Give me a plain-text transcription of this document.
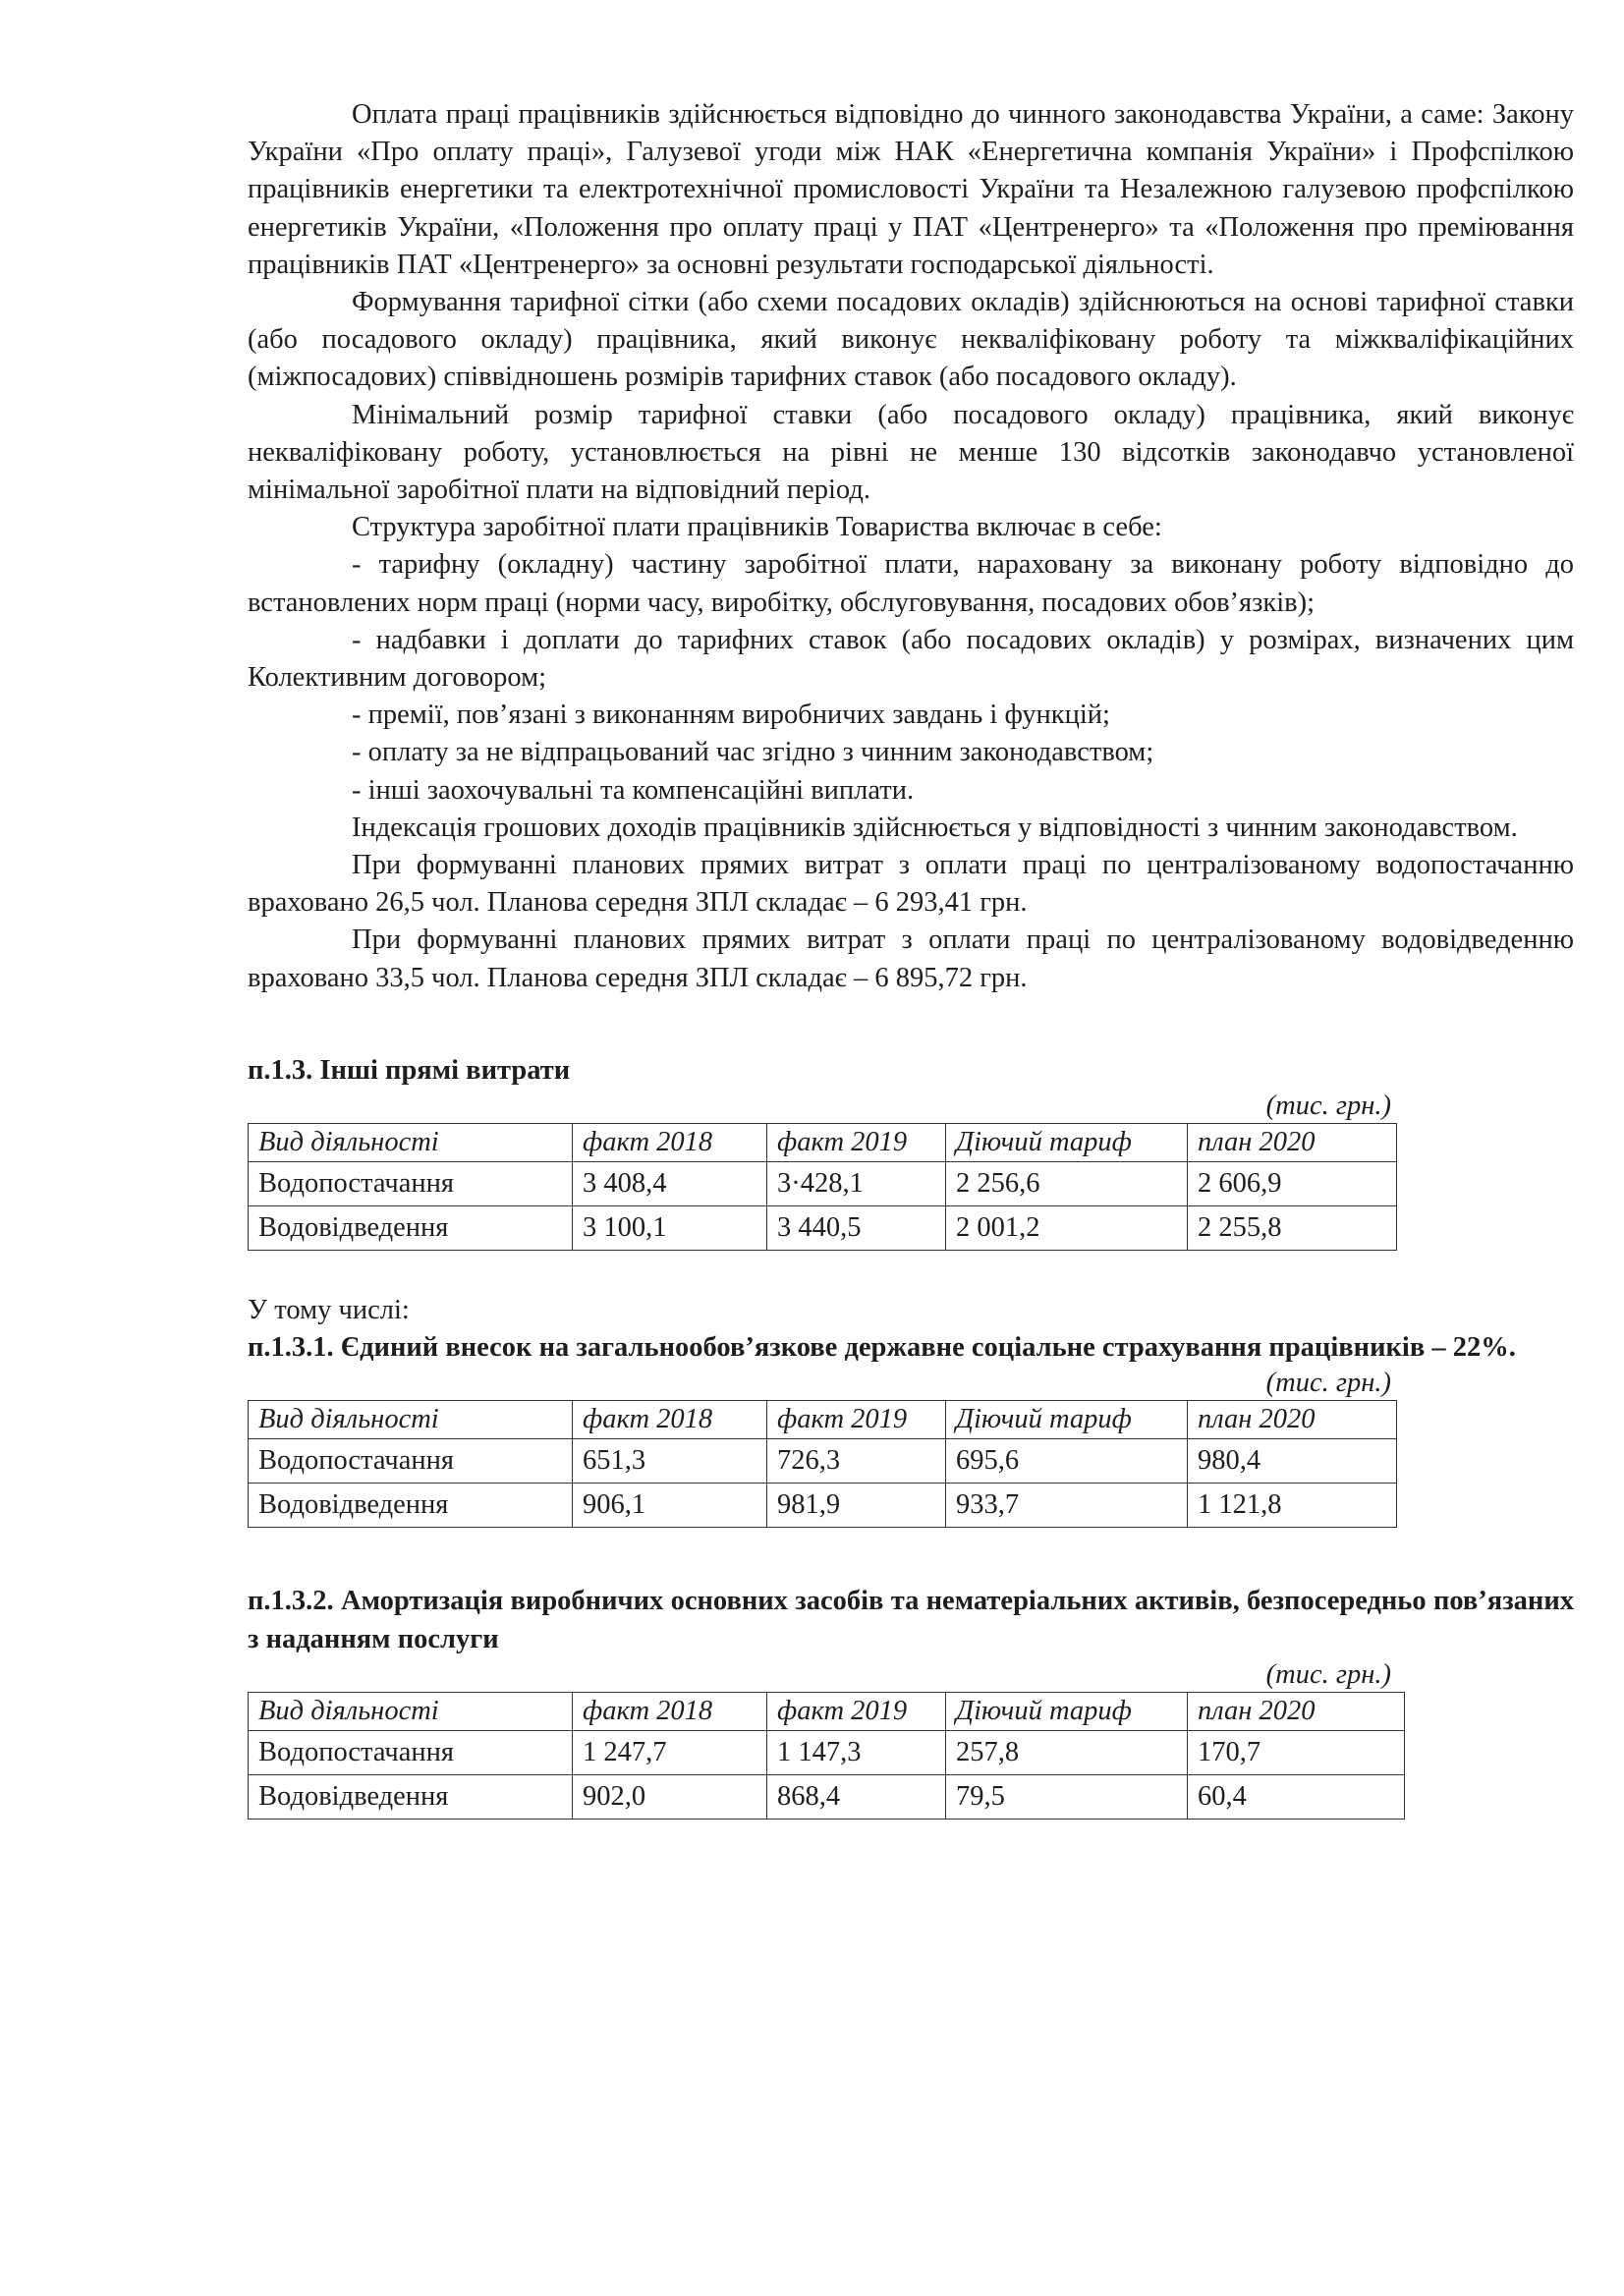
Оплата праці працівників здійснюється відповідно до чинного законодавства України, а саме: Закону України «Про оплату праці», Галузевої угоди між НАК «Енергетична компанія України» і Профспілкою працівників енергетики та електротехнічної промисловості України та Незалежною галузевою профспілкою енергетиків України, «Положення про оплату праці у ПАТ «Центренерго» та «Положення про преміювання працівників ПАТ «Центренерго» за основні результати господарської діяльності.

Формування тарифної сітки (або схеми посадових окладів) здійснюються на основі тарифної ставки (або посадового окладу) працівника, який виконує некваліфіковану роботу та міжкваліфікаційних (міжпосадових) співвідношень розмірів тарифних ставок (або посадового окладу).

Мінімальний розмір тарифної ставки (або посадового окладу) працівника, який виконує некваліфіковану роботу, установлюється на рівні не менше 130 відсотків законодавчо установленої мінімальної заробітної плати на відповідний період.

Структура заробітної плати працівників Товариства включає в себе:

- тарифну (окладну) частину заробітної плати, нараховану за виконану роботу відповідно до встановлених норм праці (норми часу, виробітку, обслуговування, посадових обов’язків);

- надбавки і доплати до тарифних ставок (або посадових окладів) у розмірах, визначених цим Колективним договором;

- премії, пов’язані з виконанням виробничих завдань і функцій;

- оплату за не відпрацьований час згідно з чинним законодавством;

- інші заохочувальні та компенсаційні виплати.

Індексація грошових доходів працівників здійснюється у відповідності з чинним законодавством.

При формуванні планових прямих витрат з оплати праці по централізованому водопостачанню враховано 26,5 чол. Планова середня ЗПЛ складає – 6 293,41 грн.

При формуванні планових прямих витрат з оплати праці по централізованому водовідведенню враховано 33,5 чол. Планова середня ЗПЛ складає – 6 895,72 грн.

п.1.3. Інші прямі витрати

(тис. грн.)

Вид діяльності	факт 2018	факт 2019	Діючий тариф	план 2020
Водопостачання	3 408,4	3·428,1	2 256,6	2 606,9
Водовідведення	3 100,1	3 440,5	2 001,2	2 255,8

У тому числі:

п.1.3.1. Єдиний внесок на загальнообов’язкове державне соціальне страхування працівників – 22%.

(тис. грн.)

Вид діяльності	факт 2018	факт 2019	Діючий тариф	план 2020
Водопостачання	651,3	726,3	695,6	980,4
Водовідведення	906,1	981,9	933,7	1 121,8

п.1.3.2. Амортизація виробничих основних засобів та нематеріальних активів, безпосередньо пов’язаних з наданням послуги

(тис. грн.)

Вид діяльності	факт 2018	факт 2019	Діючий тариф	план 2020
Водопостачання	1 247,7	1 147,3	257,8	170,7
Водовідведення	902,0	868,4	79,5	60,4
